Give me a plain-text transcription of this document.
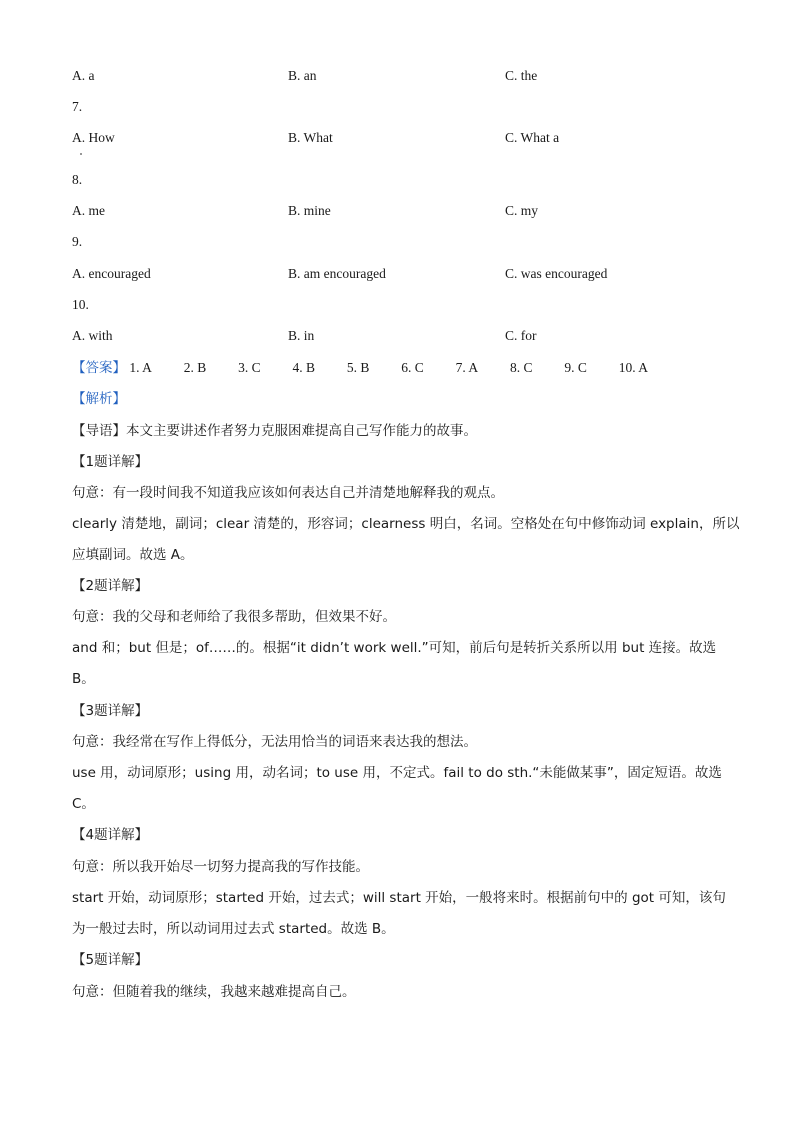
A. a	B. an	C. the
7.
A. How	B. What	C. What a
8.
A. me	B. mine	C. my
9.
A. encouraged	B. am encouraged	C. was encouraged
10.
A. with	B. in	C. for
【答案】 1. A 2. B 3. C 4. B 5. B 6. C 7. A 8. C 9. C 10. A
【解析】
【导语】本文主要讲述作者努力克服困难提高自己写作能力的故事。
【1题详解】
句意：有一段时间我不知道我应该如何表达自己并清楚地解释我的观点。
clearly 清楚地，副词；clear 清楚的，形容词；clearness 明白，名词。空格处在句中修饰动词 explain，所以
应填副词。故选 A。
【2题详解】
句意：我的父母和老师给了我很多帮助，但效果不好。
and 和；but 但是；of……的。根据“it didn’t work well.”可知，前后句是转折关系所以用 but 连接。故选
B。
【3题详解】
句意：我经常在写作上得低分，无法用恰当的词语来表达我的想法。
use 用，动词原形；using 用，动名词；to use 用，不定式。fail to do sth.“未能做某事”，固定短语。故选
C。
【4题详解】
句意：所以我开始尽一切努力提高我的写作技能。
start 开始，动词原形；started 开始，过去式；will start 开始，一般将来时。根据前句中的 got 可知，该句
为一般过去时，所以动词用过去式 started。故选 B。
【5题详解】
句意：但随着我的继续，我越来越难提高自己。
